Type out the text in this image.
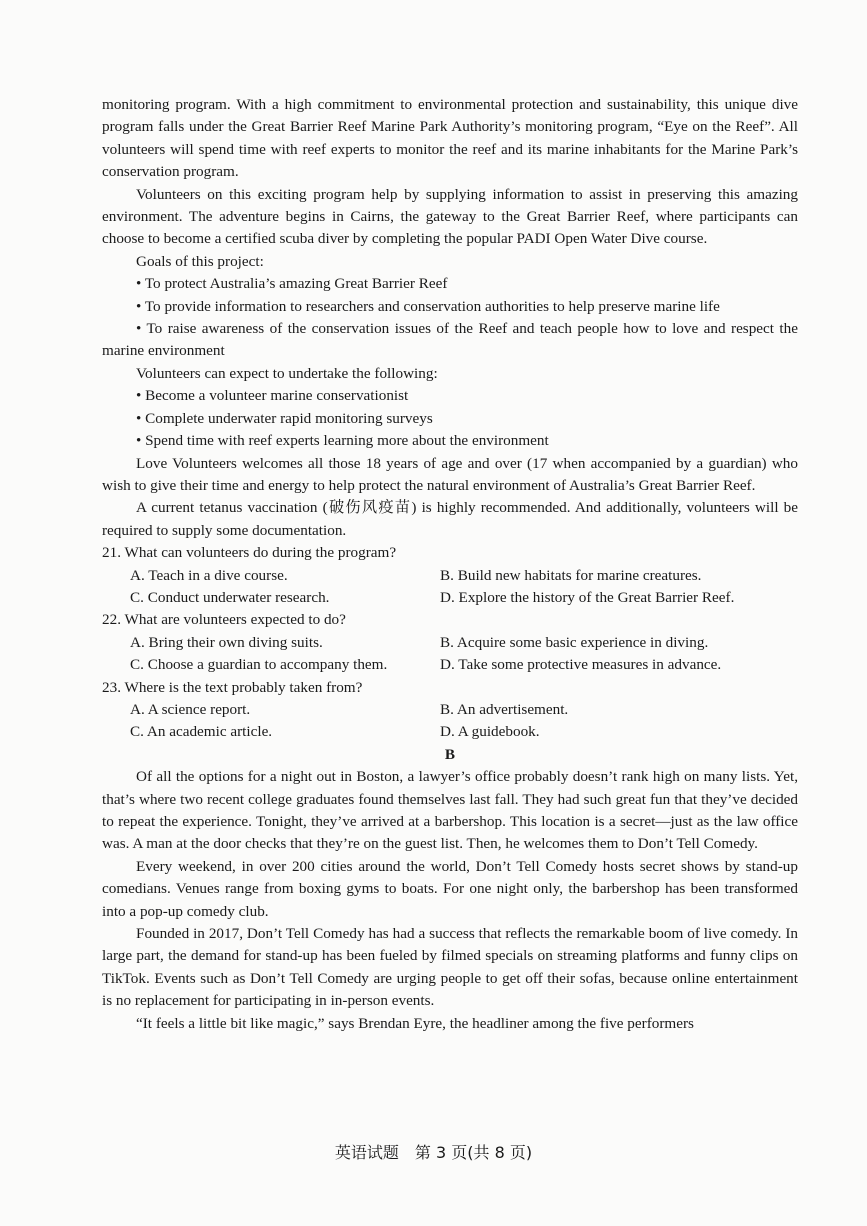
monitoring program. With a high commitment to environmental protection and sustainability, this unique dive program falls under the Great Barrier Reef Marine Park Authority’s monitoring program, “Eye on the Reef”. All volunteers will spend time with reef experts to monitor the reef and its marine inhabitants for the Marine Park’s conservation program.

Volunteers on this exciting program help by supplying information to assist in preserving this amazing environment. The adventure begins in Cairns, the gateway to the Great Barrier Reef, where participants can choose to become a certified scuba diver by completing the popular PADI Open Water Dive course.

Goals of this project:

• To protect Australia’s amazing Great Barrier Reef

• To provide information to researchers and conservation authorities to help preserve marine life

• To raise awareness of the conservation issues of the Reef and teach people how to love and respect the marine environment

Volunteers can expect to undertake the following:

• Become a volunteer marine conservationist

• Complete underwater rapid monitoring surveys

• Spend time with reef experts learning more about the environment

Love Volunteers welcomes all those 18 years of age and over (17 when accompanied by a guardian) who wish to give their time and energy to help protect the natural environment of Australia’s Great Barrier Reef.

A current tetanus vaccination (破伤风疫苗) is highly recommended. And additionally, volunteers will be required to supply some documentation.

21. What can volunteers do during the program?

A. Teach in a dive course.	B. Build new habitats for marine creatures.
C. Conduct underwater research.	D. Explore the history of the Great Barrier Reef.

22. What are volunteers expected to do?

A. Bring their own diving suits.	B. Acquire some basic experience in diving.
C. Choose a guardian to accompany them.	D. Take some protective measures in advance.

23. Where is the text probably taken from?

A. A science report.	B. An advertisement.
C. An academic article.	D. A guidebook.

B

Of all the options for a night out in Boston, a lawyer’s office probably doesn’t rank high on many lists. Yet, that’s where two recent college graduates found themselves last fall. They had such great fun that they’ve decided to repeat the experience. Tonight, they’ve arrived at a barbershop. This location is a secret—just as the law office was. A man at the door checks that they’re on the guest list. Then, he welcomes them to Don’t Tell Comedy.

Every weekend, in over 200 cities around the world, Don’t Tell Comedy hosts secret shows by stand-up comedians. Venues range from boxing gyms to boats. For one night only, the barbershop has been transformed into a pop-up comedy club.

Founded in 2017, Don’t Tell Comedy has had a success that reflects the remarkable boom of live comedy. In large part, the demand for stand-up has been fueled by filmed specials on streaming platforms and funny clips on TikTok. Events such as Don’t Tell Comedy are urging people to get off their sofas, because online entertainment is no replacement for participating in in-person events.

“It feels a little bit like magic,” says Brendan Eyre, the headliner among the five performers

英语试题　第 3 页(共 8 页)
